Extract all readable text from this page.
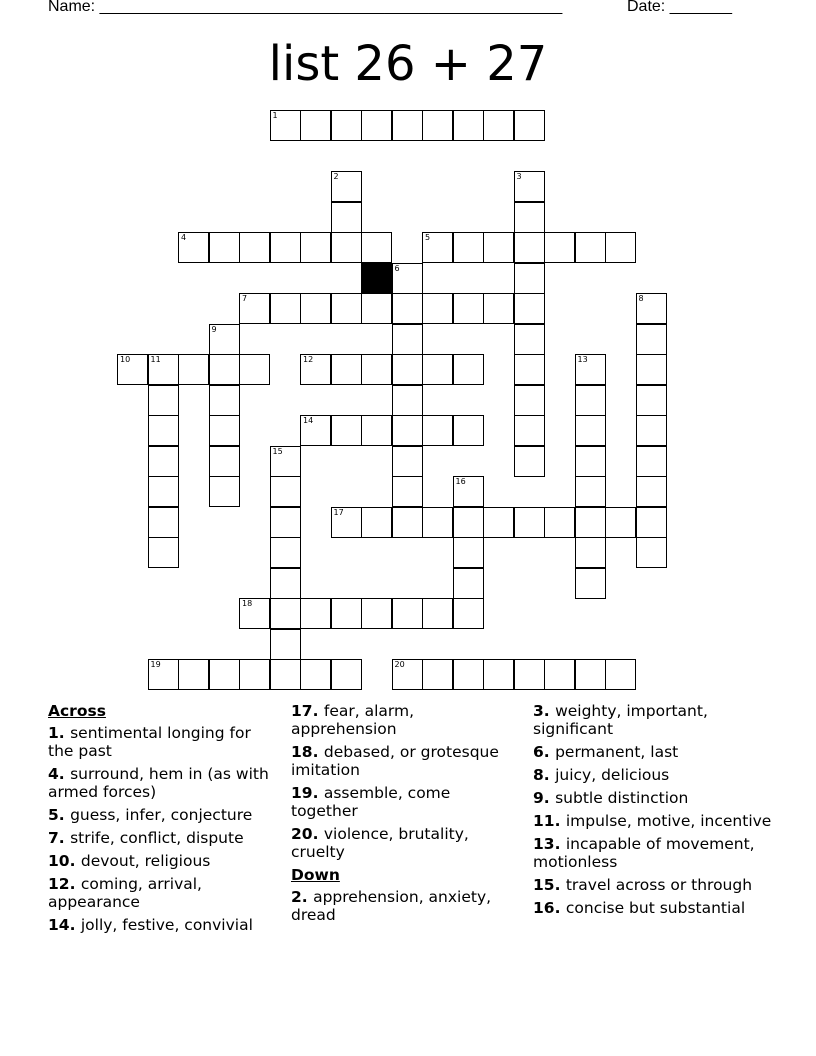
Name: ____________________________________________________	Date: _______
list 26 + 27
1
2	3
4	5
6
7	8
9
10	11	12	13
14
15
16
17
18
19	20
Across
1. sentimental longing for the past
4. surround, hem in (as with armed forces)
5. guess, infer, conjecture
7. strife, conflict, dispute
10. devout, religious
12. coming, arrival, appearance
14. jolly, festive, convivial
17. fear, alarm, apprehension
18. debased, or grotesque imitation
19. assemble, come together
20. violence, brutality, cruelty
Down
2. apprehension, anxiety, dread
3. weighty, important, significant
6. permanent, last
8. juicy, delicious
9. subtle distinction
11. impulse, motive, incentive
13. incapable of movement, motionless
15. travel across or through
16. concise but substantial
